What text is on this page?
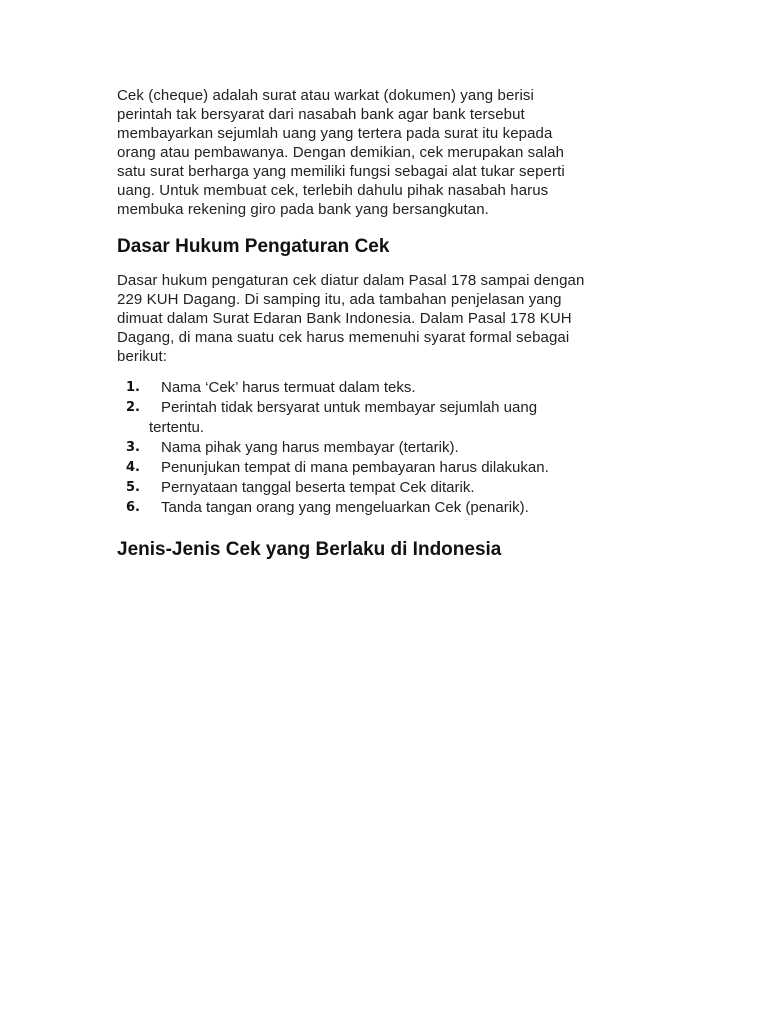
Cek (cheque) adalah surat atau warkat (dokumen) yang berisi
perintah tak bersyarat dari nasabah bank agar bank tersebut
membayarkan sejumlah uang yang tertera pada surat itu kepada
orang atau pembawanya. Dengan demikian, cek merupakan salah
satu surat berharga yang memiliki fungsi sebagai alat tukar seperti
uang. Untuk membuat cek, terlebih dahulu pihak nasabah harus
membuka rekening giro pada bank yang bersangkutan.

Dasar Hukum Pengaturan Cek

Dasar hukum pengaturan cek diatur dalam Pasal 178 sampai dengan
229 KUH Dagang. Di samping itu, ada tambahan penjelasan yang
dimuat dalam Surat Edaran Bank Indonesia. Dalam Pasal 178 KUH
Dagang, di mana suatu cek harus memenuhi syarat formal sebagai
berikut:

1.	Nama ‘Cek’ harus termuat dalam teks.
2.	Perintah tidak bersyarat untuk membayar sejumlah uang
tertentu.
3.	Nama pihak yang harus membayar (tertarik).
4.	Penunjukan tempat di mana pembayaran harus dilakukan.
5.	Pernyataan tanggal beserta tempat Cek ditarik.
6.	Tanda tangan orang yang mengeluarkan Cek (penarik).
Jenis-Jenis Cek yang Berlaku di Indonesia
